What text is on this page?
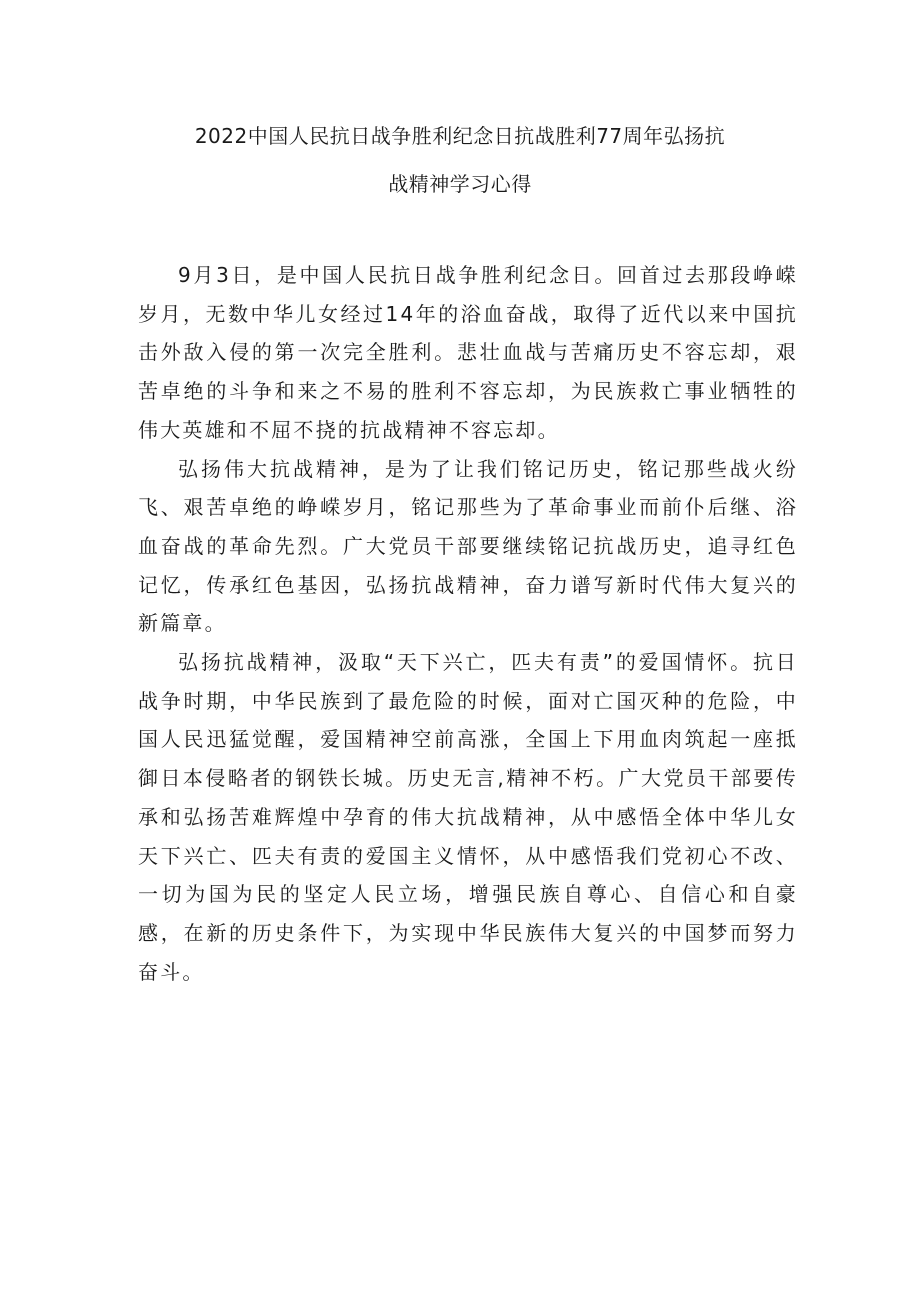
2022中国人民抗日战争胜利纪念日抗战胜利77周年弘扬抗
战精神学习心得

9月3日，是中国人民抗日战争胜利纪念日。回首过去那段峥嵘岁月，无数中华儿女经过14年的浴血奋战，取得了近代以来中国抗击外敌入侵的第一次完全胜利。悲壮血战与苦痛历史不容忘却，艰苦卓绝的斗争和来之不易的胜利不容忘却，为民族救亡事业牺牲的伟大英雄和不屈不挠的抗战精神不容忘却。

弘扬伟大抗战精神，是为了让我们铭记历史，铭记那些战火纷飞、艰苦卓绝的峥嵘岁月，铭记那些为了革命事业而前仆后继、浴血奋战的革命先烈。广大党员干部要继续铭记抗战历史，追寻红色记忆，传承红色基因，弘扬抗战精神，奋力谱写新时代伟大复兴的新篇章。

弘扬抗战精神，汲取“天下兴亡，匹夫有责”的爱国情怀。抗日战争时期，中华民族到了最危险的时候，面对亡国灭种的危险，中国人民迅猛觉醒，爱国精神空前高涨，全国上下用血肉筑起一座抵御日本侵略者的钢铁长城。历史无言,精神不朽。广大党员干部要传承和弘扬苦难辉煌中孕育的伟大抗战精神，从中感悟全体中华儿女天下兴亡、匹夫有责的爱国主义情怀，从中感悟我们党初心不改、一切为国为民的坚定人民立场，增强民族自尊心、自信心和自豪感，在新的历史条件下，为实现中华民族伟大复兴的中国梦而努力奋斗。
